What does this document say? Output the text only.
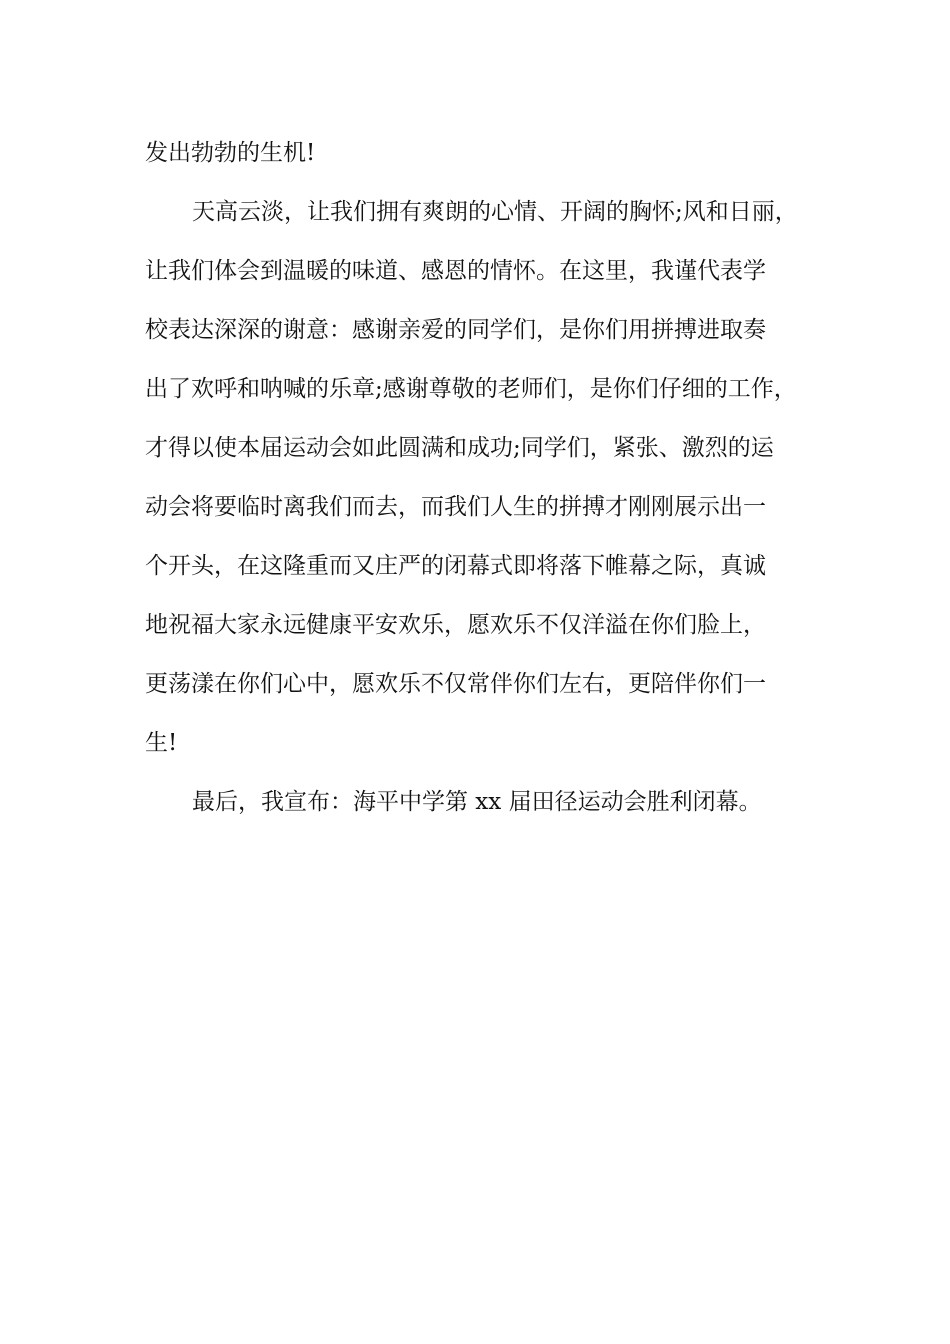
发出勃勃的生机!
天高云淡，让我们拥有爽朗的心情、开阔的胸怀;风和日丽，
让我们体会到温暖的味道、感恩的情怀。在这里，我谨代表学
校表达深深的谢意：感谢亲爱的同学们，是你们用拼搏进取奏
出了欢呼和呐喊的乐章;感谢尊敬的老师们，是你们仔细的工作，
才得以使本届运动会如此圆满和成功;同学们，紧张、激烈的运
动会将要临时离我们而去，而我们人生的拼搏才刚刚展示出一
个开头，在这隆重而又庄严的闭幕式即将落下帷幕之际，真诚
地祝福大家永远健康平安欢乐，愿欢乐不仅洋溢在你们脸上，
更荡漾在你们心中，愿欢乐不仅常伴你们左右，更陪伴你们一
生!
最后，我宣布：海平中学第 xx 届田径运动会胜利闭幕。
